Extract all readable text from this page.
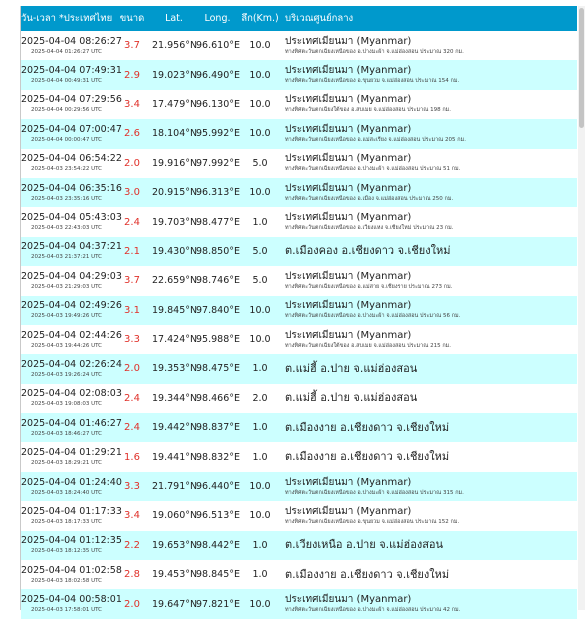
วัน-เวลา *ประเทศไทย	ขนาด	Lat.	Long.	ลึก(Km.)	บริเวณศูนย์กลาง

2025-04-04 08:26:27
2025-04-04 01:26:27 UTC	3.7	21.956°N	96.610°E	10.0	ประเทศเมียนมา (Myanmar)
ทางทิศตะวันตกเฉียงเหนือของ อ.ปางมะผ้า จ.แม่ฮ่องสอน ประมาณ 320 กม.

2025-04-04 07:49:31
2025-04-04 00:49:31 UTC	2.9	19.023°N	96.490°E	10.0	ประเทศเมียนมา (Myanmar)
ทางทิศตะวันตกเฉียงเหนือของ อ.ขุนยวม จ.แม่ฮ่องสอน ประมาณ 154 กม.

2025-04-04 07:29:56
2025-04-04 00:29:56 UTC	3.4	17.479°N	96.130°E	10.0	ประเทศเมียนมา (Myanmar)
ทางทิศตะวันตกเฉียงใต้ของ อ.สบเมย จ.แม่ฮ่องสอน ประมาณ 198 กม.

2025-04-04 07:00:47
2025-04-04 00:00:47 UTC	2.6	18.104°N	95.992°E	10.0	ประเทศเมียนมา (Myanmar)
ทางทิศตะวันตกเฉียงเหนือของ อ.แม่สะเรียง จ.แม่ฮ่องสอน ประมาณ 205 กม.

2025-04-04 06:54:22
2025-04-03 23:54:22 UTC	2.0	19.916°N	97.992°E	5.0	ประเทศเมียนมา (Myanmar)
ทางทิศตะวันตกเฉียงเหนือของ อ.ปางมะผ้า จ.แม่ฮ่องสอน ประมาณ 51 กม.

2025-04-04 06:35:16
2025-04-03 23:35:16 UTC	3.0	20.915°N	96.313°E	10.0	ประเทศเมียนมา (Myanmar)
ทางทิศตะวันตกเฉียงเหนือของ อ.เมือง จ.แม่ฮ่องสอน ประมาณ 250 กม.

2025-04-04 05:43:03
2025-04-03 22:43:03 UTC	2.4	19.703°N	98.477°E	1.0	ประเทศเมียนมา (Myanmar)
ทางทิศตะวันตกเฉียงเหนือของ อ.เวียงแหง จ.เชียงใหม่ ประมาณ 23 กม.

2025-04-04 04:37:21
2025-04-03 21:37:21 UTC	2.1	19.430°N	98.850°E	5.0	ต.เมืองคอง อ.เชียงดาว จ.เชียงใหม่

2025-04-04 04:29:03
2025-04-03 21:29:03 UTC	3.7	22.659°N	98.746°E	5.0	ประเทศเมียนมา (Myanmar)
ทางทิศตะวันตกเฉียงเหนือของ อ.แม่สาย จ.เชียงราย ประมาณ 273 กม.

2025-04-04 02:49:26
2025-04-03 19:49:26 UTC	3.1	19.845°N	97.840°E	10.0	ประเทศเมียนมา (Myanmar)
ทางทิศตะวันตกเฉียงเหนือของ อ.ปางมะผ้า จ.แม่ฮ่องสอน ประมาณ 56 กม.

2025-04-04 02:44:26
2025-04-03 19:44:26 UTC	3.3	17.424°N	95.988°E	10.0	ประเทศเมียนมา (Myanmar)
ทางทิศตะวันตกเฉียงใต้ของ อ.สบเมย จ.แม่ฮ่องสอน ประมาณ 215 กม.

2025-04-04 02:26:24
2025-04-03 19:26:24 UTC	2.0	19.353°N	98.475°E	1.0	ต.แม่ฮี้ อ.ปาย จ.แม่ฮ่องสอน

2025-04-04 02:08:03
2025-04-03 19:08:03 UTC	2.4	19.344°N	98.466°E	2.0	ต.แม่ฮี้ อ.ปาย จ.แม่ฮ่องสอน

2025-04-04 01:46:27
2025-04-03 18:46:27 UTC	2.4	19.442°N	98.837°E	1.0	ต.เมืองงาย อ.เชียงดาว จ.เชียงใหม่

2025-04-04 01:29:21
2025-04-03 18:29:21 UTC	1.6	19.441°N	98.832°E	1.0	ต.เมืองงาย อ.เชียงดาว จ.เชียงใหม่

2025-04-04 01:24:40
2025-04-03 18:24:40 UTC	3.3	21.791°N	96.440°E	10.0	ประเทศเมียนมา (Myanmar)
ทางทิศตะวันตกเฉียงเหนือของ อ.ปางมะผ้า จ.แม่ฮ่องสอน ประมาณ 315 กม.

2025-04-04 01:17:33
2025-04-03 18:17:33 UTC	3.4	19.060°N	96.513°E	10.0	ประเทศเมียนมา (Myanmar)
ทางทิศตะวันตกเฉียงเหนือของ อ.ขุนยวม จ.แม่ฮ่องสอน ประมาณ 152 กม.

2025-04-04 01:12:35
2025-04-03 18:12:35 UTC	2.2	19.653°N	98.442°E	1.0	ต.เวียงเหนือ อ.ปาย จ.แม่ฮ่องสอน

2025-04-04 01:02:58
2025-04-03 18:02:58 UTC	2.8	19.453°N	98.845°E	1.0	ต.เมืองงาย อ.เชียงดาว จ.เชียงใหม่

2025-04-04 00:58:01
2025-04-03 17:58:01 UTC	2.0	19.647°N	97.821°E	10.0	ประเทศเมียนมา (Myanmar)
ทางทิศตะวันตกเฉียงเหนือของ อ.ปางมะผ้า จ.แม่ฮ่องสอน ประมาณ 42 กม.
